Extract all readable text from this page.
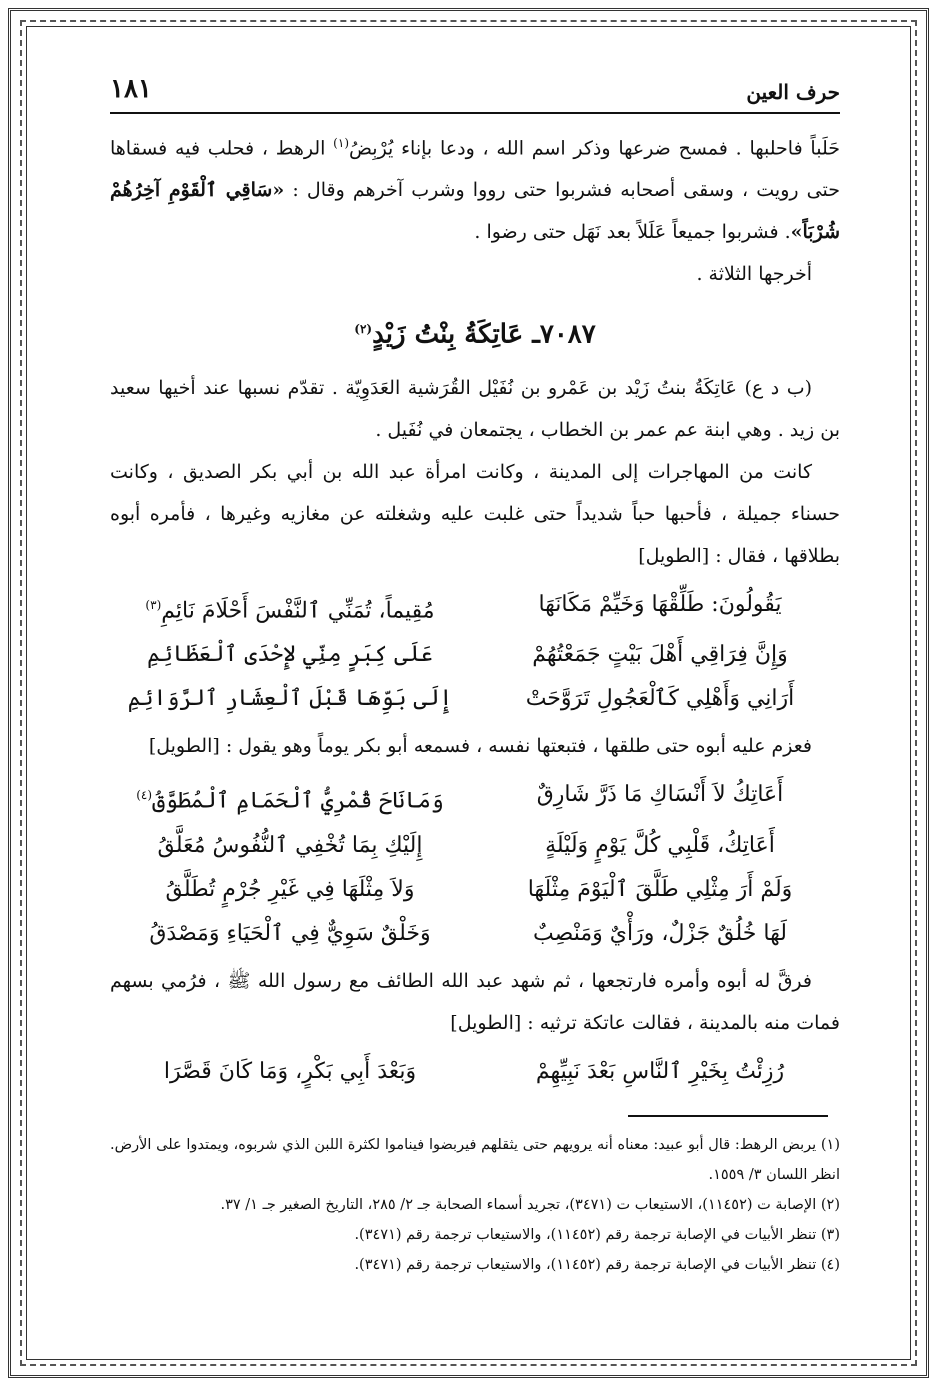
حرف العين
١٨١

حَلَباً فاحلبها . فمسح ضرعها وذكر اسم الله ، ودعا بإناء يُرْبِضُ$^{(١)}$ الرهط ، فحلب فيه فسقاها حتى رويت ، وسقى أصحابه فشربوا حتى رووا وشرب آخرهم وقال : «سَاقِي ٱلْقَوْمِ آخِرُهُمْ شُرْبَاً». فشربوا جميعاً عَلَلاً بعد نَهَل حتى رضوا .

أخرجها الثلاثة .

٧٠٨٧ـ عَاتِكَةُ بِنْتُ زَيْدٍ$^{(٢)}$

(ب د ع) عَاتِكَةُ بنتُ زَيْد بن عَمْرو بن نُفَيْل القُرَشية العَدَوِيّة . تقدّم نسبها عند أخيها سعيد بن زيد . وهي ابنة عم عمر بن الخطاب ، يجتمعان في نُفَيل .

كانت من المهاجرات إلى المدينة ، وكانت امرأة عبد الله بن أبي بكر الصديق ، وكانت حسناء جميلة ، فأحبها حباً شديداً حتى غلبت عليه وشغلته عن مغازيه وغيرها ، فأمره أبوه بطلاقها ، فقال : [الطويل]

يَقُولُونَ: طَلِّقْهَا وَخَيِّمْ مَكَانَهَا
مُقِيماً، تُمَنِّي ٱلنَّفْسَ أَحْلَامَ نَائِمِ$^{(٣)}$
وَإِنَّ فِرَاقِي أَهْلَ بَيْتٍ جَمَعْتُهُمْ
عَلَى كِبَرٍ مِنِّي لإِحْدَى ٱلْعَظَائِمِ
أَرَانِي وَأَهْلِي كَٱلْعَجُولِ تَرَوَّحَتْ
إِلَى بَوِّهَا قَبْلَ ٱلْعِشَارِ ٱلرَّوَائِمِ

فعزم عليه أبوه حتى طلقها ، فتبعتها نفسه ، فسمعه أبو بكر يوماً وهو يقول : [الطويل]

أَعَاتِكُ لاَ أَنْسَاكِ مَا ذَرَّ شَارِقٌ
وَمَانَاحَ قُمْرِيُّ ٱلْحَمَامِ ٱلْمُطَوَّقُ$^{(٤)}$
أَعَاتِكُ، قَلْبِي كُلَّ يَوْمٍ وَلَيْلَةٍ
إِلَيْكِ بِمَا تُخْفِي ٱلنُّفُوسُ مُعَلَّقُ
وَلَمْ أَرَ مِثْلِي طَلَّقَ ٱلْيَوْمَ مِثْلَهَا
وَلاَ مِثْلَهَا فِي غَيْرِ جُرْمٍ تُطَلَّقُ
لَهَا خُلُقٌ جَزْلٌ، ورَأْيٌ وَمَنْصِبٌ
وَخَلْقٌ سَوِيٌّ فِي ٱلْحَيَاءِ وَمَصْدَقُ

فرقَّ له أبوه وأمره فارتجعها ، ثم شهد عبد الله الطائف مع رسول الله ﷺ ، فرُمي بسهم فمات منه بالمدينة ، فقالت عاتكة ترثيه : [الطويل]

رُزِئْتُ بِخَيْرِ ٱلنَّاسِ بَعْدَ نَبِيِّهِمْ
وَبَعْدَ أَبِي بَكْرٍ، وَمَا كَانَ قَصَّرَا

(١) يربض الرهط: قال أبو عبيد: معناه أنه يرويهم حتى يثقلهم فيربضوا فيناموا لكثرة اللبن الذي شربوه، ويمتدوا على الأرض. انظر اللسان ٣/ ١٥٥٩.

(٢) الإصابة ت (١١٤٥٢)، الاستيعاب ت (٣٤٧١)، تجريد أسماء الصحابة جـ ٢/ ٢٨٥، التاريخ الصغير جـ ١/ ٣٧.

(٣) تنظر الأبيات في الإصابة ترجمة رقم (١١٤٥٢)، والاستيعاب ترجمة رقم (٣٤٧١).

(٤) تنظر الأبيات في الإصابة ترجمة رقم (١١٤٥٢)، والاستيعاب ترجمة رقم (٣٤٧١).
